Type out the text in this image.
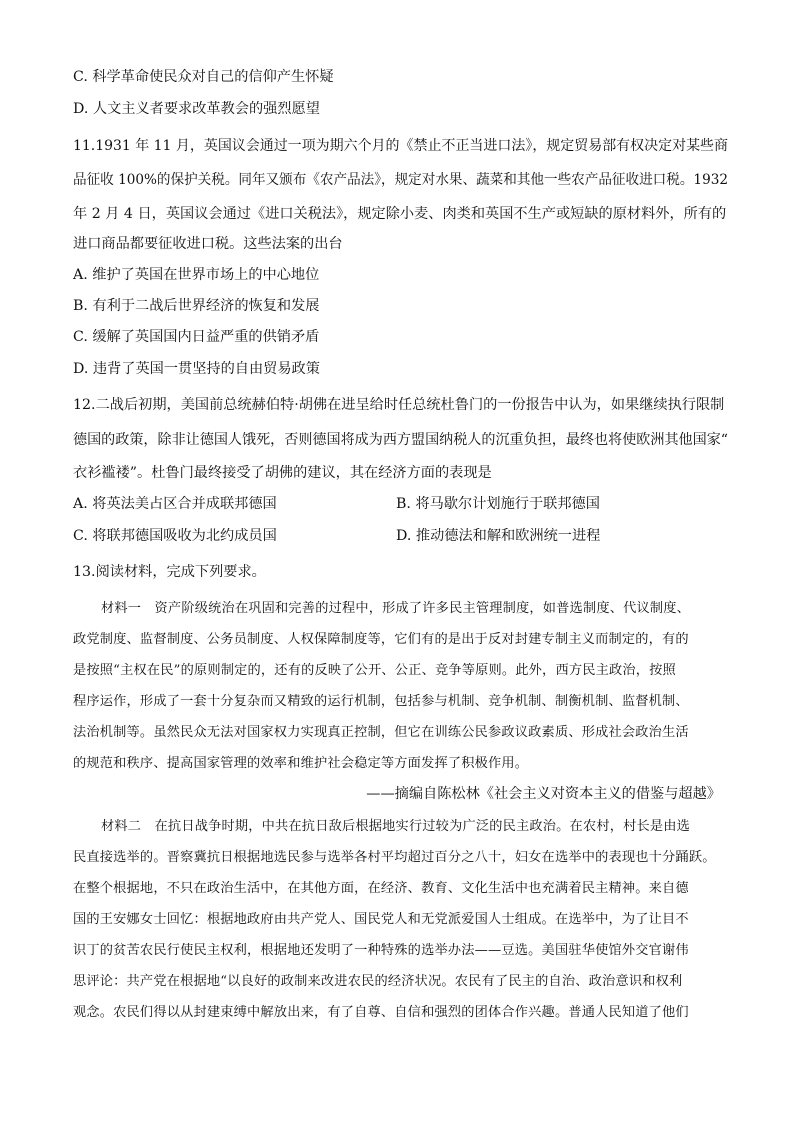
C. 科学革命使民众对自己的信仰产生怀疑
D. 人文主义者要求改革教会的强烈愿望
11.1931 年 11 月，英国议会通过一项为期六个月的《禁止不正当进口法》，规定贸易部有权决定对某些商
品征收 100%的保护关税。同年又颁布《农产品法》，规定对水果、蔬菜和其他一些农产品征收进口税。1932
年 2 月 4 日，英国议会通过《进口关税法》，规定除小麦、肉类和英国不生产或短缺的原材料外，所有的
进口商品都要征收进口税。这些法案的出台
A. 维护了英国在世界市场上的中心地位
B. 有利于二战后世界经济的恢复和发展
C. 缓解了英国国内日益严重的供销矛盾
D. 违背了英国一贯坚持的自由贸易政策
12.二战后初期，美国前总统赫伯特·胡佛在进呈给时任总统杜鲁门的一份报告中认为，如果继续执行限制
德国的政策，除非让德国人饿死，否则德国将成为西方盟国纳税人的沉重负担，最终也将使欧洲其他国家“
衣衫褴褛”。杜鲁门最终接受了胡佛的建议，其在经济方面的表现是
A. 将英法美占区合并成联邦德国	B. 将马歇尔计划施行于联邦德国
C. 将联邦德国吸收为北约成员国	D. 推动德法和解和欧洲统一进程
13.阅读材料，完成下列要求。
材料一　资产阶级统治在巩固和完善的过程中，形成了许多民主管理制度，如普选制度、代议制度、
政党制度、监督制度、公务员制度、人权保障制度等，它们有的是出于反对封建专制主义而制定的，有的
是按照“主权在民”的原则制定的，还有的反映了公开、公正、竞争等原则。此外，西方民主政治，按照
程序运作，形成了一套十分复杂而又精致的运行机制，包括参与机制、竞争机制、制衡机制、监督机制、
法治机制等。虽然民众无法对国家权力实现真正控制，但它在训练公民参政议政素质、形成社会政治生活
的规范和秩序、提高国家管理的效率和维护社会稳定等方面发挥了积极作用。
——摘编自陈松林《社会主义对资本主义的借鉴与超越》
材料二　在抗日战争时期，中共在抗日敌后根据地实行过较为广泛的民主政治。在农村，村长是由选
民直接选举的。晋察冀抗日根据地选民参与选举各村平均超过百分之八十，妇女在选举中的表现也十分踊跃。
在整个根据地，不只在政治生活中，在其他方面，在经济、教育、文化生活中也充满着民主精神。来自德
国的王安娜女士回忆：根据地政府由共产党人、国民党人和无党派爱国人士组成。在选举中，为了让目不
识丁的贫苦农民行使民主权利，根据地还发明了一种特殊的选举办法——豆选。美国驻华使馆外交官谢伟
思评论：共产党在根据地“以良好的政制来改进农民的经济状况。农民有了民主的自治、政治意识和权利
观念。农民们得以从封建束缚中解放出来，有了自尊、自信和强烈的团体合作兴趣。普通人民知道了他们
